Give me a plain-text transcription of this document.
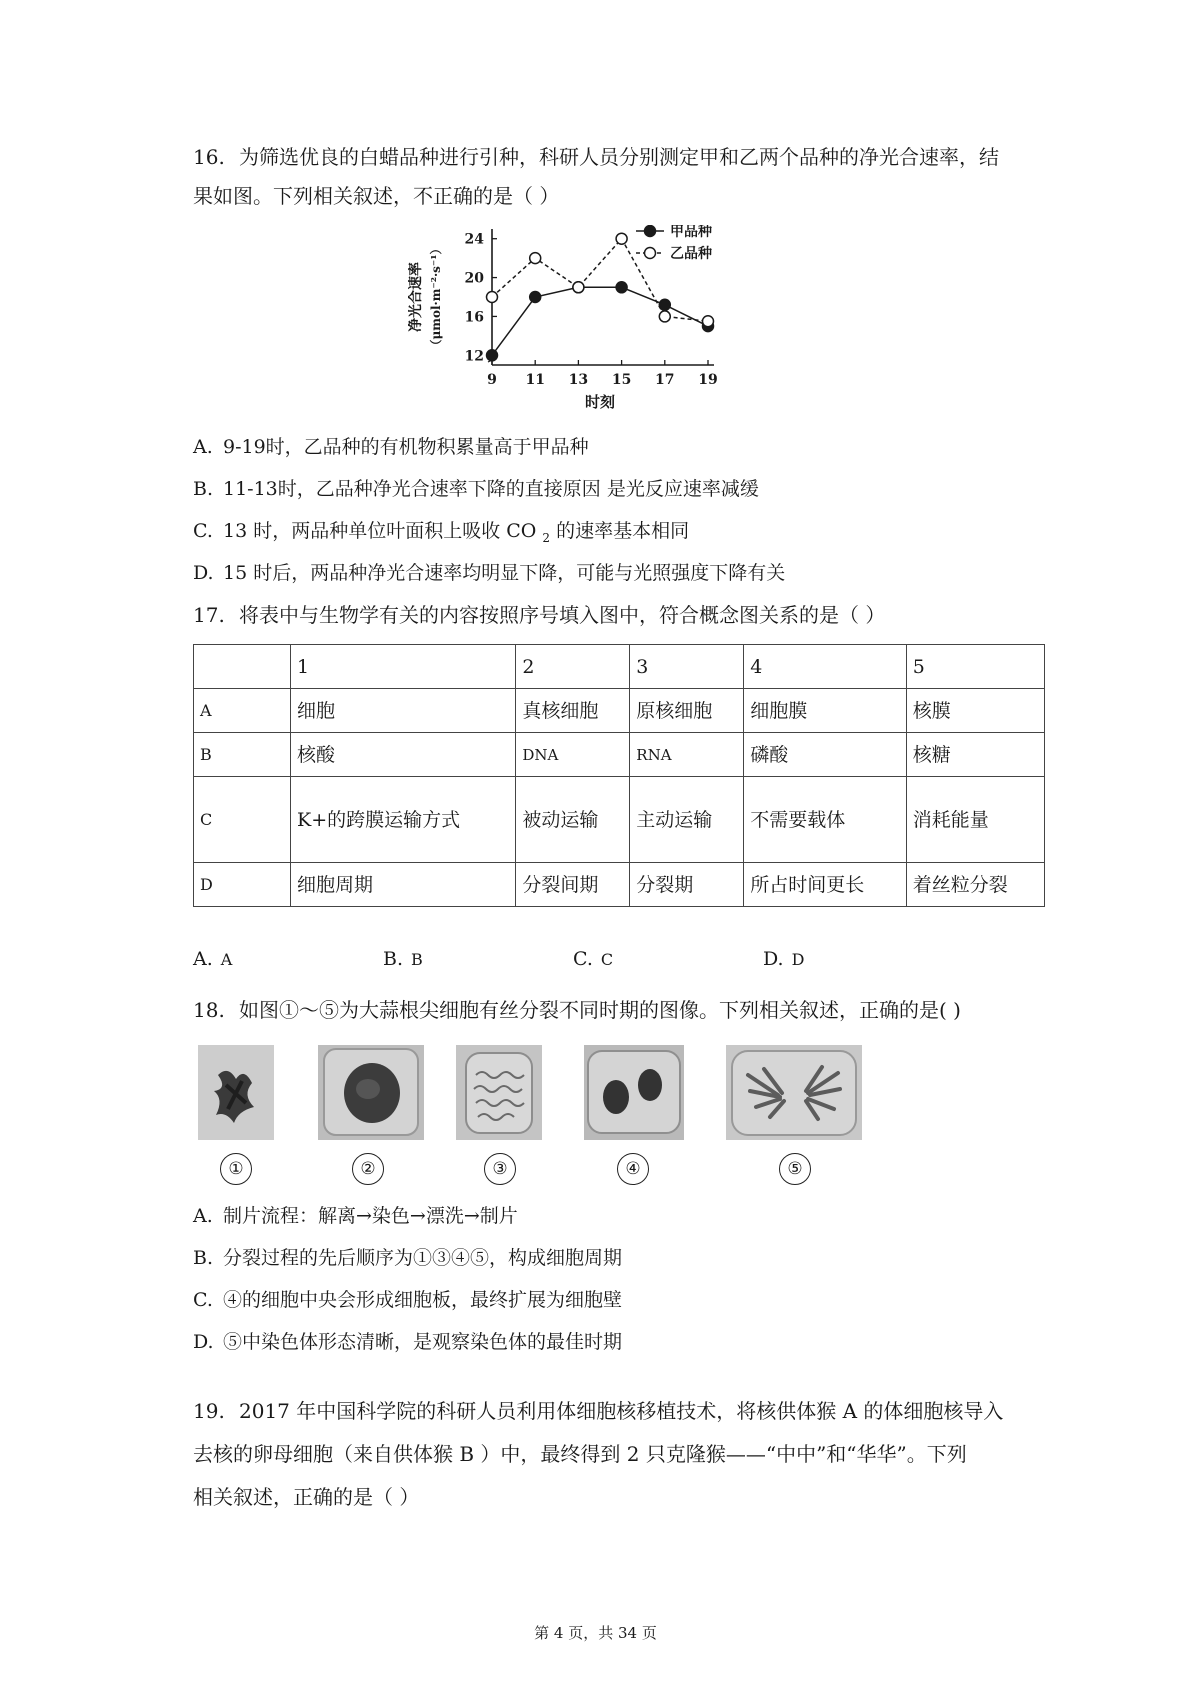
16. 为筛选优良的白蜡品种进行引种，科研人员分别测定甲和乙两个品种的净光合速率，结
果如图。下列相关叙述，不正确的是（ ）
9 11 13 15 17 19
12
16
20
24
时刻
净光合速率 （μmol·m⁻²·s⁻¹）
甲品种
乙品种
A. 9-19时，乙品种的有机物积累量高于甲品种
B. 11-13时，乙品种净光合速率下降的直接原因 是光反应速率减缓
C. 13 时，两品种单位叶面积上吸收 CO $_2$ 的速率基本相同
D. 15 时后，两品种净光合速率均明显下降，可能与光照强度下降有关
17. 将表中与生物学有关的内容按照序号填入图中，符合概念图关系的是（ ）
	1	2	3	4	5
A	细胞	真核细胞	原核细胞	细胞膜	核膜
B	核酸	DNA	RNA	磷酸	核糖
C	K+的跨膜运输方式	被动运输	主动运输	不需要载体	消耗能量
D	细胞周期	分裂间期	分裂期	所占时间更长	着丝粒分裂
A. A	B. B	C. C	D. D
18. 如图①～⑤为大蒜根尖细胞有丝分裂不同时期的图像。下列相关叙述，正确的是( )
①	②	③	④	⑤
A. 制片流程：解离→染色→漂洗→制片
B. 分裂过程的先后顺序为①③④⑤，构成细胞周期
C. ④的细胞中央会形成细胞板，最终扩展为细胞壁
D. ⑤中染色体形态清晰，是观察染色体的最佳时期
19. 2017 年中国科学院的科研人员利用体细胞核移植技术，将核供体猴 A 的体细胞核导入
去核的卵母细胞（来自供体猴 B ）中，最终得到 2 只克隆猴——“中中”和“华华”。下列
相关叙述，正确的是（ ）
第 4 页，共 34 页
